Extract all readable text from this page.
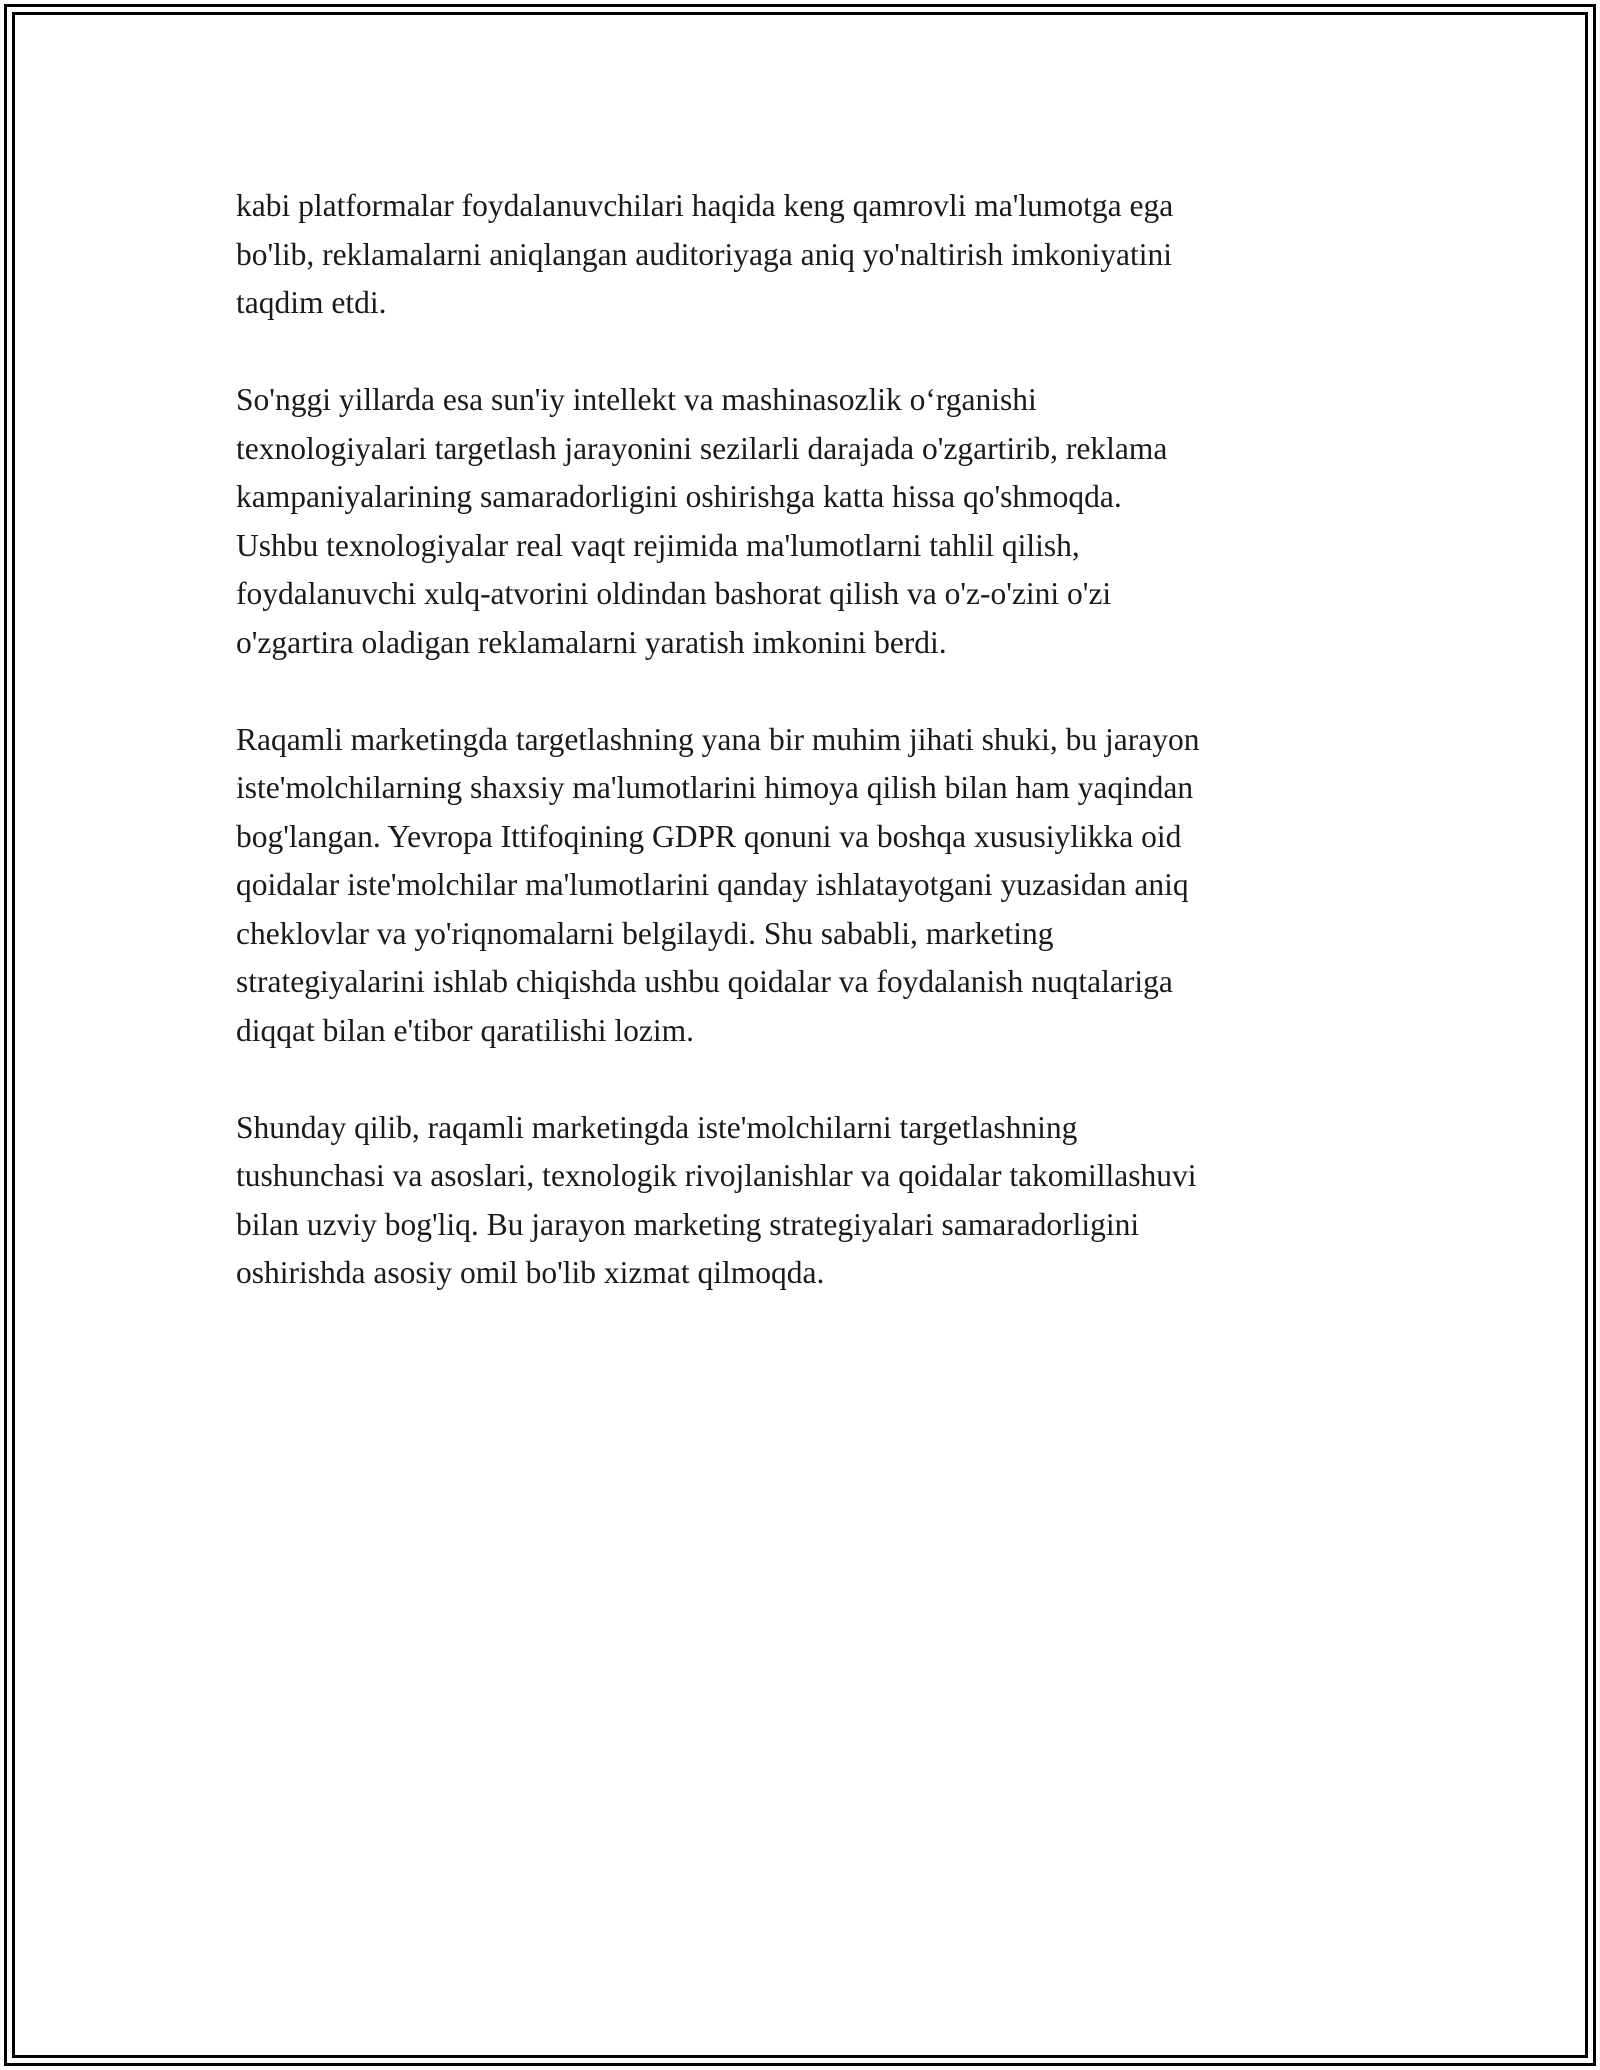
kabi platformalar foydalanuvchilari haqida keng qamrovli ma'lumotga ega
bo'lib, reklamalarni aniqlangan auditoriyaga aniq yo'naltirish imkoniyatini
taqdim etdi.

So'nggi yillarda esa sun'iy intellekt va mashinasozlik o‘rganishi
texnologiyalari targetlash jarayonini sezilarli darajada o'zgartirib, reklama
kampaniyalarining samaradorligini oshirishga katta hissa qo'shmoqda.
Ushbu texnologiyalar real vaqt rejimida ma'lumotlarni tahlil qilish,
foydalanuvchi xulq-atvorini oldindan bashorat qilish va o'z-o'zini o'zi
o'zgartira oladigan reklamalarni yaratish imkonini berdi.

Raqamli marketingda targetlashning yana bir muhim jihati shuki, bu jarayon
iste'molchilarning shaxsiy ma'lumotlarini himoya qilish bilan ham yaqindan
bog'langan. Yevropa Ittifoqining GDPR qonuni va boshqa xususiylikka oid
qoidalar iste'molchilar ma'lumotlarini qanday ishlatayotgani yuzasidan aniq
cheklovlar va yo'riqnomalarni belgilaydi. Shu sababli, marketing
strategiyalarini ishlab chiqishda ushbu qoidalar va foydalanish nuqtalariga
diqqat bilan e'tibor qaratilishi lozim.

Shunday qilib, raqamli marketingda iste'molchilarni targetlashning
tushunchasi va asoslari, texnologik rivojlanishlar va qoidalar takomillashuvi
bilan uzviy bog'liq. Bu jarayon marketing strategiyalari samaradorligini
oshirishda asosiy omil bo'lib xizmat qilmoqda.
